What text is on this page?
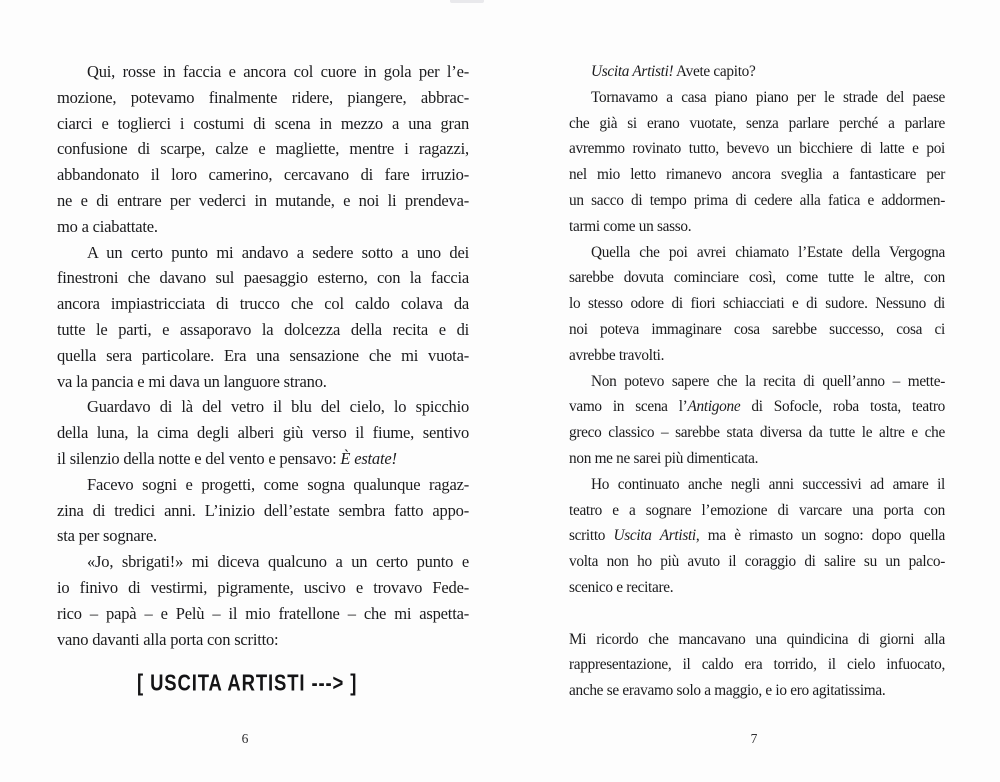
Qui, rosse in faccia e ancora col cuore in gola per l’e-
mozione, potevamo finalmente ridere, piangere, abbrac-
ciarci e toglierci i costumi di scena in mezzo a una gran
confusione di scarpe, calze e magliette, mentre i ragazzi,
abbandonato il loro camerino, cercavano di fare irruzio-
ne e di entrare per vederci in mutande, e noi li prendeva-
mo a ciabattate.
A un certo punto mi andavo a sedere sotto a uno dei
finestroni che davano sul paesaggio esterno, con la faccia
ancora impiastricciata di trucco che col caldo colava da
tutte le parti, e assaporavo la dolcezza della recita e di
quella sera particolare. Era una sensazione che mi vuota-
va la pancia e mi dava un languore strano.
Guardavo di là del vetro il blu del cielo, lo spicchio
della luna, la cima degli alberi giù verso il fiume, sentivo
il silenzio della notte e del vento e pensavo: È estate!
Facevo sogni e progetti, come sogna qualunque ragaz-
zina di tredici anni. L’inizio dell’estate sembra fatto appo-
sta per sognare.
«Jo, sbrigati!» mi diceva qualcuno a un certo punto e
io finivo di vestirmi, pigramente, uscivo e trovavo Fede-
rico – papà – e Pelù – il mio fratellone – che mi aspetta-
vano davanti alla porta con scritto:
[ USCITA ARTISTI ---> ]
6
Uscita Artisti! Avete capito?
Tornavamo a casa piano piano per le strade del paese
che già si erano vuotate, senza parlare perché a parlare
avremmo rovinato tutto, bevevo un bicchiere di latte e poi
nel mio letto rimanevo ancora sveglia a fantasticare per
un sacco di tempo prima di cedere alla fatica e addormen-
tarmi come un sasso.
Quella che poi avrei chiamato l’Estate della Vergogna
sarebbe dovuta cominciare così, come tutte le altre, con
lo stesso odore di fiori schiacciati e di sudore. Nessuno di
noi poteva immaginare cosa sarebbe successo, cosa ci
avrebbe travolti.
Non potevo sapere che la recita di quell’anno – mette-
vamo in scena l’Antigone di Sofocle, roba tosta, teatro
greco classico – sarebbe stata diversa da tutte le altre e che
non me ne sarei più dimenticata.
Ho continuato anche negli anni successivi ad amare il
teatro e a sognare l’emozione di varcare una porta con
scritto Uscita Artisti, ma è rimasto un sogno: dopo quella
volta non ho più avuto il coraggio di salire su un palco-
scenico e recitare.
Mi ricordo che mancavano una quindicina di giorni alla
rappresentazione, il caldo era torrido, il cielo infuocato,
anche se eravamo solo a maggio, e io ero agitatissima.
7
